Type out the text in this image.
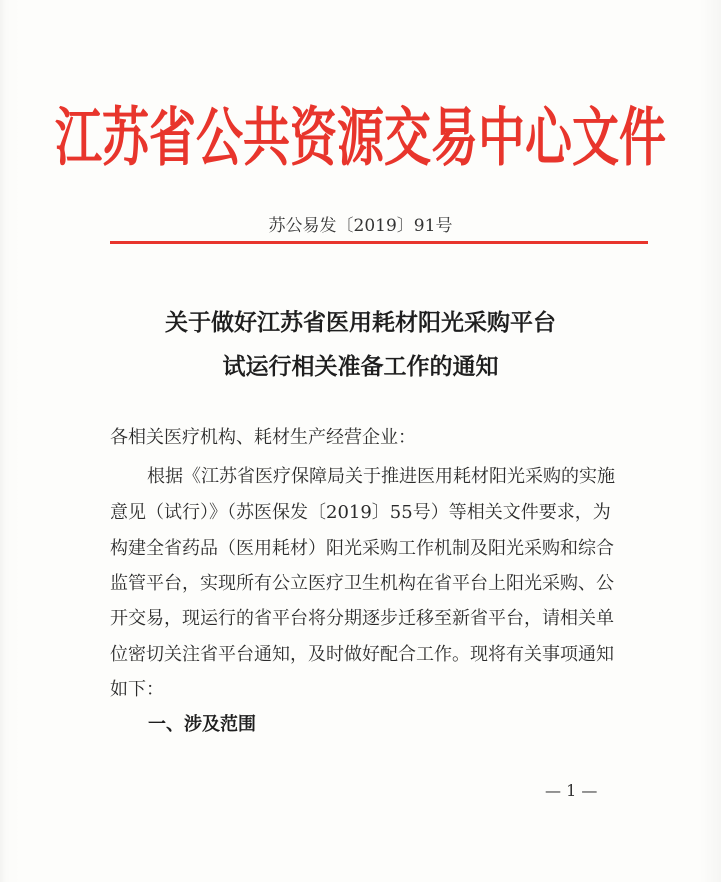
江苏省公共资源交易中心文件
苏公易发〔2019〕91号
关于做好江苏省医用耗材阳光采购平台
试运行相关准备工作的通知
各相关医疗机构、耗材生产经营企业：
根据《江苏省医疗保障局关于推进医用耗材阳光采购的实施
意见（试行）》（苏医保发〔2019〕55号）等相关文件要求，为
构建全省药品（医用耗材）阳光采购工作机制及阳光采购和综合
监管平台，实现所有公立医疗卫生机构在省平台上阳光采购、公
开交易，现运行的省平台将分期逐步迁移至新省平台，请相关单
位密切关注省平台通知，及时做好配合工作。现将有关事项通知
如下：
一、涉及范围
— 1 —
